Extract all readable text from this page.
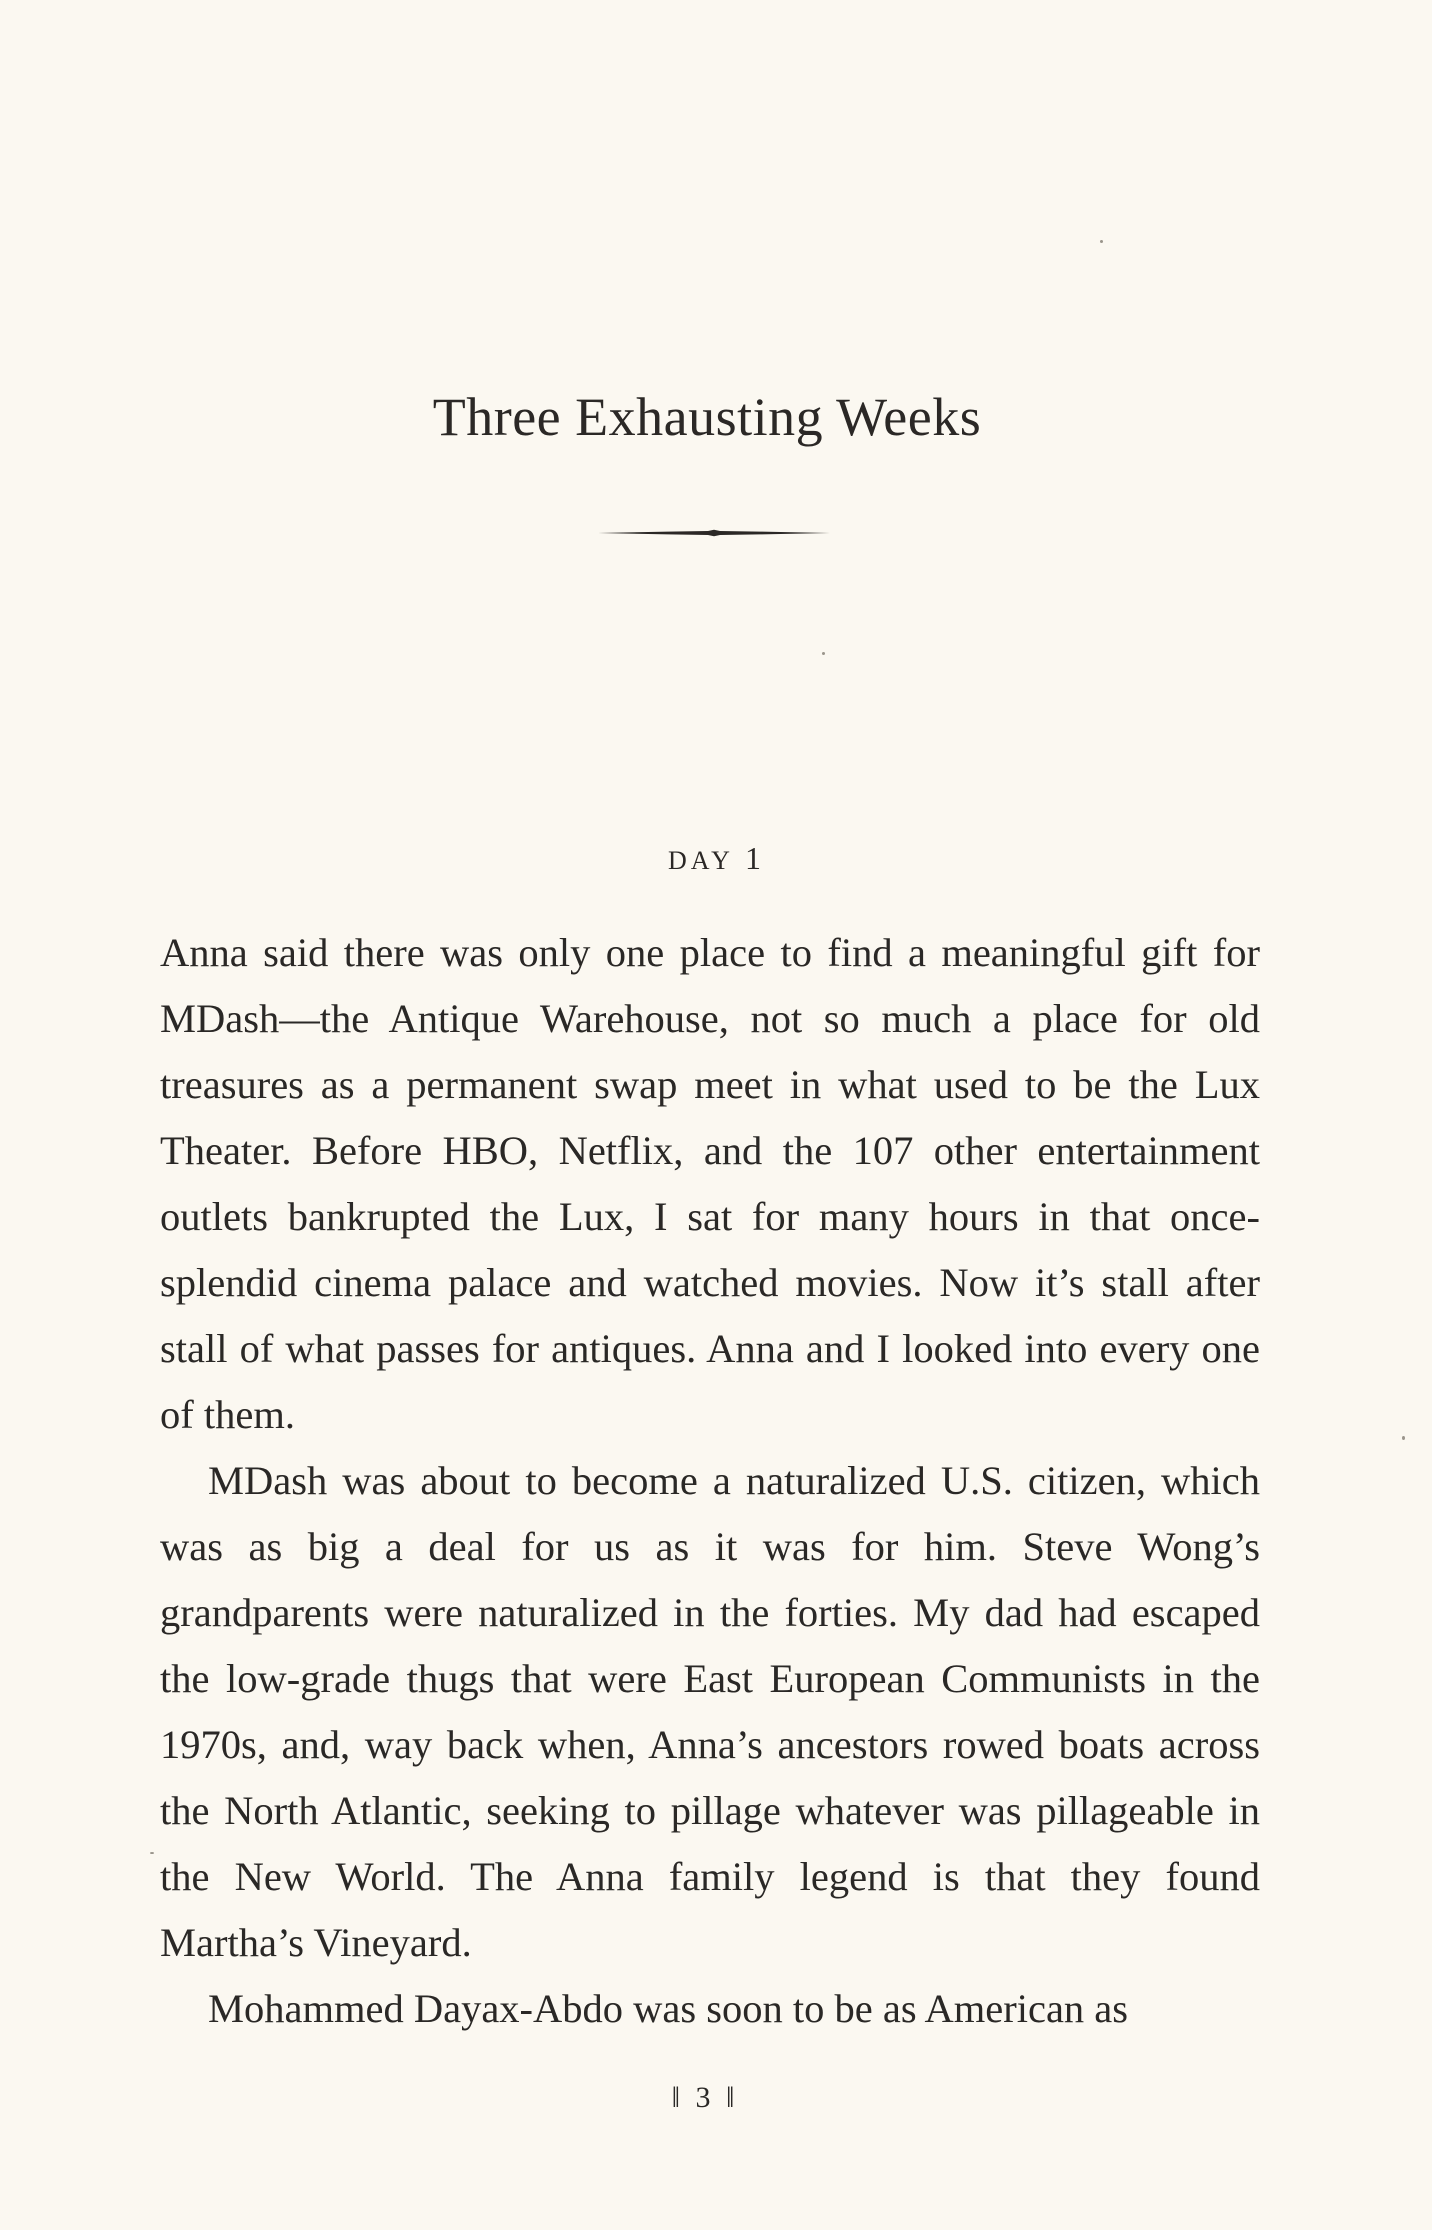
Three Exhausting Weeks
DAY 1

Anna said there was only one place to find a meaningful gift for MDash—the Antique Warehouse, not so much a place for old treasures as a permanent swap meet in what used to be the Lux Theater. Before HBO, Netflix, and the 107 other entertainment outlets bankrupted the Lux, I sat for many hours in that once-splendid cinema palace and watched movies. Now it’s stall after stall of what passes for antiques. Anna and I looked into every one of them.

MDash was about to become a naturalized U.S. citizen, which was as big a deal for us as it was for him. Steve Wong’s grandparents were naturalized in the forties. My dad had escaped the low-grade thugs that were East European Communists in the 1970s, and, way back when, Anna’s ancestors rowed boats across the North Atlantic, seeking to pillage whatever was pillageable in the New World. The Anna family legend is that they found Martha’s Vineyard.

Mohammed Dayax-Abdo was soon to be as American as

‖ 3 ‖
